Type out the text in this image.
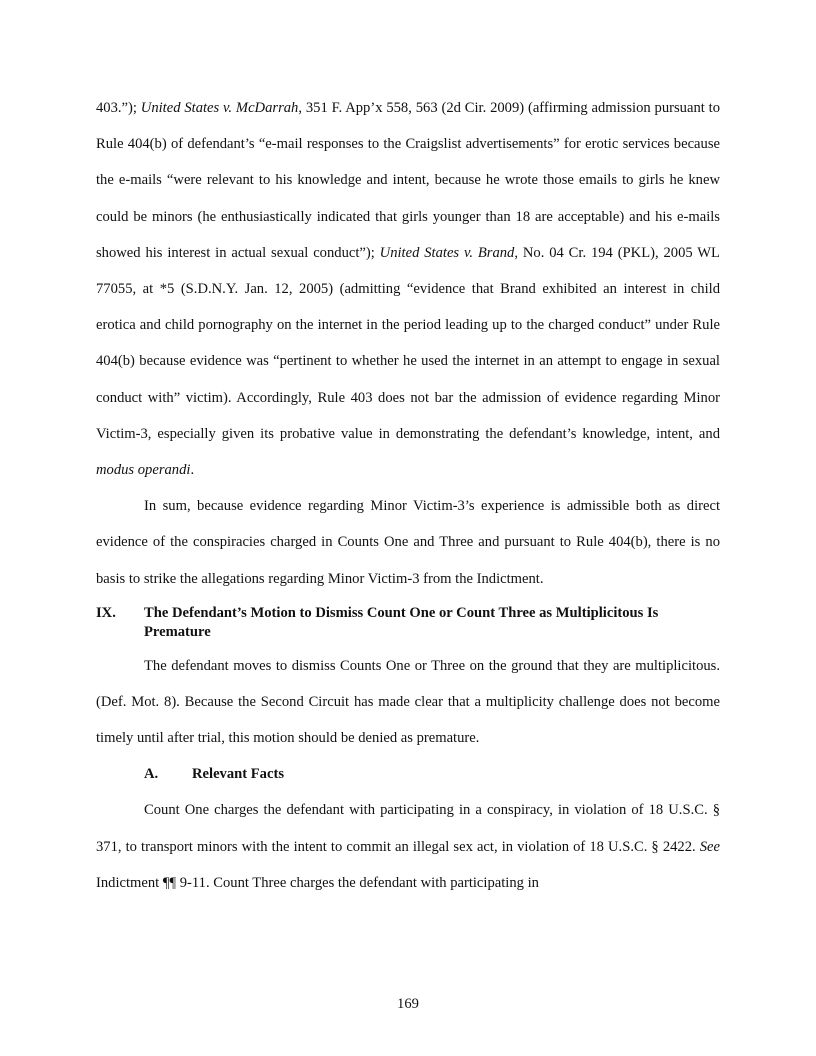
403.”); United States v. McDarrah, 351 F. App’x 558, 563 (2d Cir. 2009) (affirming admission pursuant to Rule 404(b) of defendant’s “e-mail responses to the Craigslist advertisements” for erotic services because the e-mails “were relevant to his knowledge and intent, because he wrote those emails to girls he knew could be minors (he enthusiastically indicated that girls younger than 18 are acceptable) and his e-mails showed his interest in actual sexual conduct”); United States v. Brand, No. 04 Cr. 194 (PKL), 2005 WL 77055, at *5 (S.D.N.Y. Jan. 12, 2005) (admitting “evidence that Brand exhibited an interest in child erotica and child pornography on the internet in the period leading up to the charged conduct” under Rule 404(b) because evidence was “pertinent to whether he used the internet in an attempt to engage in sexual conduct with” victim). Accordingly, Rule 403 does not bar the admission of evidence regarding Minor Victim-3, especially given its probative value in demonstrating the defendant’s knowledge, intent, and modus operandi.

In sum, because evidence regarding Minor Victim-3’s experience is admissible both as direct evidence of the conspiracies charged in Counts One and Three and pursuant to Rule 404(b), there is no basis to strike the allegations regarding Minor Victim-3 from the Indictment.

IX.	The Defendant’s Motion to Dismiss Count One or Count Three as Multiplicitous Is Premature

The defendant moves to dismiss Counts One or Three on the ground that they are multiplicitous. (Def. Mot. 8). Because the Second Circuit has made clear that a multiplicity challenge does not become timely until after trial, this motion should be denied as premature.

A.	Relevant Facts

Count One charges the defendant with participating in a conspiracy, in violation of 18 U.S.C. § 371, to transport minors with the intent to commit an illegal sex act, in violation of 18 U.S.C. § 2422. See Indictment ¶¶ 9-11. Count Three charges the defendant with participating in

169
